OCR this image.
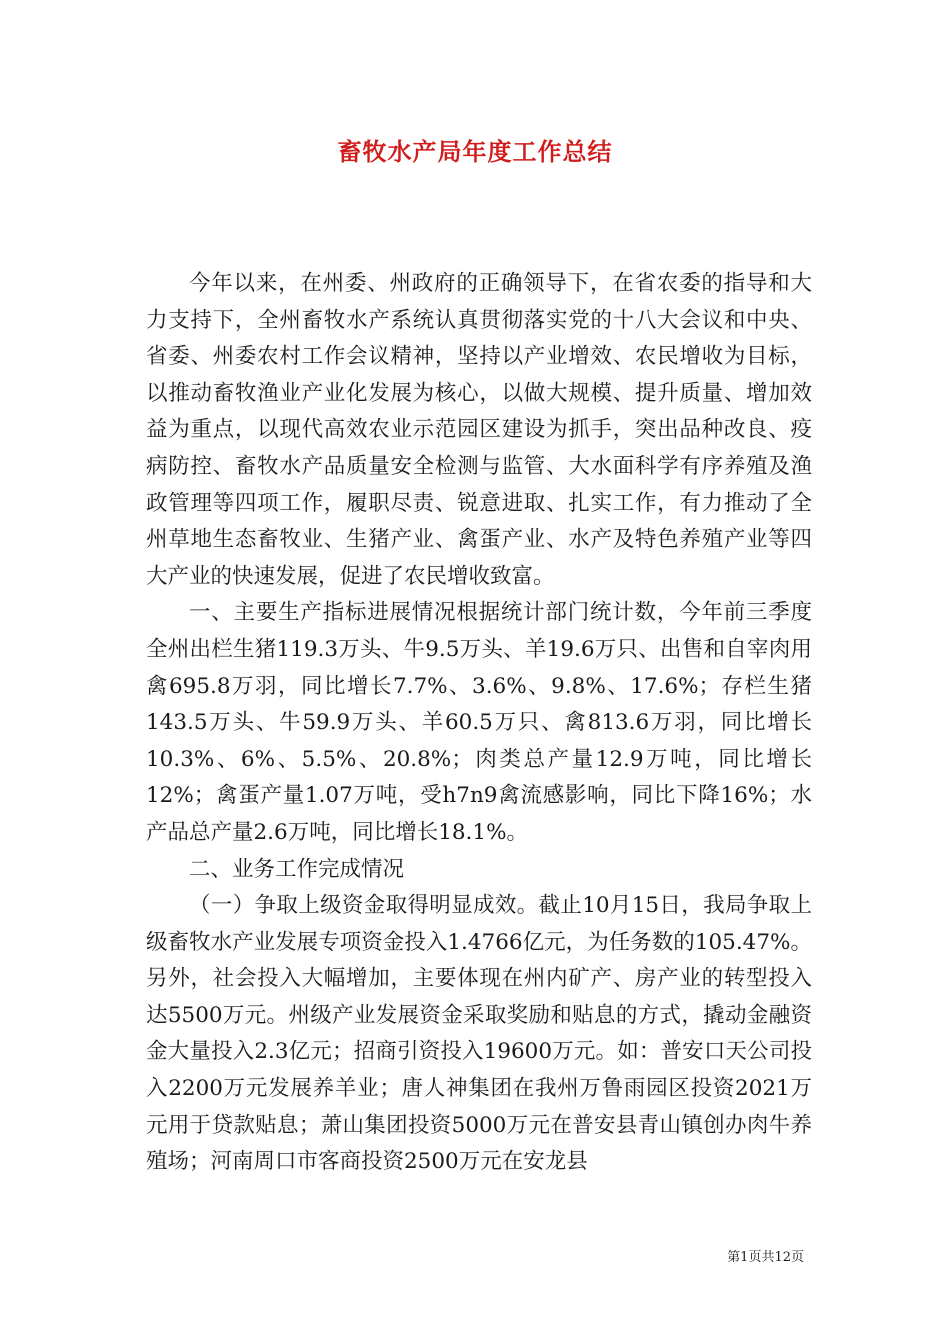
畜牧水产局年度工作总结

今年以来，在州委、州政府的正确领导下，在省农委的指导和大力支持下，全州畜牧水产系统认真贯彻落实党的十八大会议和中央、省委、州委农村工作会议精神，坚持以产业增效、农民增收为目标，以推动畜牧渔业产业化发展为核心，以做大规模、提升质量、增加效益为重点，以现代高效农业示范园区建设为抓手，突出品种改良、疫病防控、畜牧水产品质量安全检测与监管、大水面科学有序养殖及渔政管理等四项工作，履职尽责、锐意进取、扎实工作，有力推动了全州草地生态畜牧业、生猪产业、禽蛋产业、水产及特色养殖产业等四大产业的快速发展，促进了农民增收致富。

一、主要生产指标进展情况根据统计部门统计数，今年前三季度全州出栏生猪119.3万头、牛9.5万头、羊19.6万只、出售和自宰肉用禽695.8万羽，同比增长7.7%、3.6%、9.8%、17.6%；存栏生猪143.5万头、牛59.9万头、羊60.5万只、禽813.6万羽，同比增长10.3%、6%、5.5%、20.8%；肉类总产量12.9万吨，同比增长12%；禽蛋产量1.07万吨，受h7n9禽流感影响，同比下降16%；水产品总产量2.6万吨，同比增长18.1%。

二、业务工作完成情况

（一）争取上级资金取得明显成效。截止10月15日，我局争取上级畜牧水产业发展专项资金投入1.4766亿元，为任务数的105.47%。另外，社会投入大幅增加，主要体现在州内矿产、房产业的转型投入达5500万元。州级产业发展资金采取奖励和贴息的方式，撬动金融资金大量投入2.3亿元；招商引资投入19600万元。如：普安口天公司投入2200万元发展养羊业；唐人神集团在我州万鲁雨园区投资2021万元用于贷款贴息；萧山集团投资5000万元在普安县青山镇创办肉牛养殖场；河南周口市客商投资2500万元在安龙县

第1页共12页
